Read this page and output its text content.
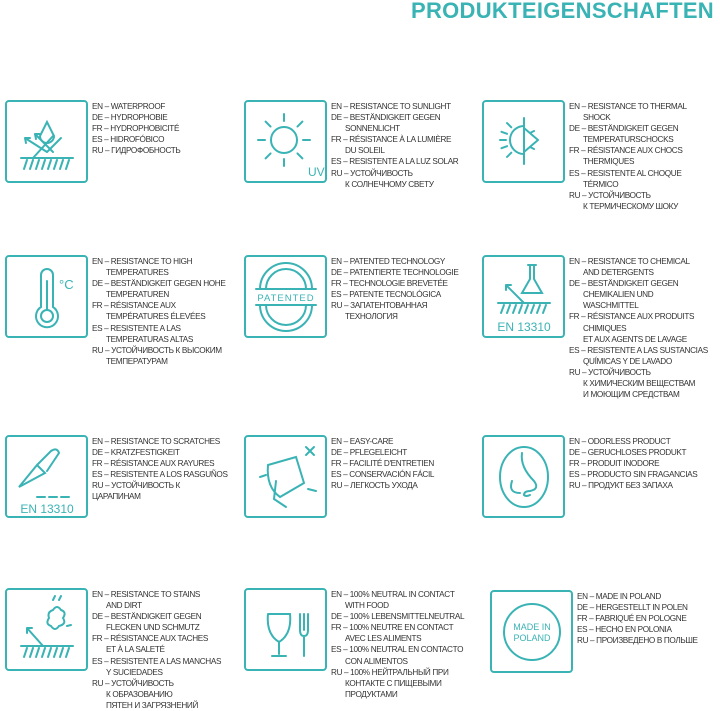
PRODUKTEIGENSCHAFTEN
EN – WATERPROOF
DE – HYDROPHOBIE
FR – HYDROPHOBICITÉ
ES – HIDROFÓBICO
RU – ГИДРОФОБНОСТЬ
UV
EN – RESISTANCE TO SUNLIGHT
DE – BESTÄNDIGKEIT GEGEN
SONNENLICHT
FR – RÉSISTANCE À LA LUMIÈRE
DU SOLEIL
ES – RESISTENTE A LA LUZ SOLAR
RU – УСТОЙЧИВОСТЬ
К СОЛНЕЧНОМУ СВЕТУ
EN – RESISTANCE TO THERMAL
SHOCK
DE – BESTÄNDIGKEIT GEGEN
TEMPERATURSCHOCKS
FR – RÉSISTANCE AUX CHOCS
THERMIQUES
ES – RESISTENTE AL CHOQUE
TÉRMICO
RU – УСТОЙЧИВОСТЬ
К ТЕРМИЧЕСКОМУ ШОКУ
°C
EN – RESISTANCE TO HIGH
TEMPERATURES
DE – BESTÄNDIGKEIT GEGEN HOHE
TEMPERATUREN
FR – RÉSISTANCE AUX
TEMPÉRATURES ÉLEVÉES
ES – RESISTENTE A LAS
TEMPERATURAS ALTAS
RU – УСТОЙЧИВОСТЬ К ВЫСОКИМ
ТЕМПЕРАТУРАМ
PATENTED
EN – PATENTED TECHNOLOGY
DE – PATENTIERTE TECHNOLOGIE
FR – TECHNOLOGIE BREVETÉE
ES – PATENTE TECNOLÓGICA
RU – ЗАПАТЕНТОВАННАЯ
ТЕХНОЛОГИЯ
EN 13310
EN – RESISTANCE TO CHEMICAL
AND DETERGENTS
DE – BESTÄNDIGKEIT GEGEN
CHEMIKALIEN UND
WASCHMITTEL
FR – RÉSISTANCE AUX PRODUITS
CHIMIQUES
ET AUX AGENTS DE LAVAGE
ES – RESISTENTE A LAS SUSTANCIAS
QUÍMICAS Y DE LAVADO
RU – УСТОЙЧИВОСТЬ
К ХИМИЧЕСКИМ ВЕЩЕСТВАМ
И МОЮЩИМ СРЕДСТВАМ
EN 13310
EN – RESISTANCE TO SCRATCHES
DE – KRATZFESTIGKEIT
FR – RÉSISTANCE AUX RAYURES
ES – RESISTENTE A LOS RASGUÑOS
RU – УСТОЙЧИВОСТЬ К
ЦАРАПИНАМ
EN – EASY-CARE
DE – PFLEGELEICHT
FR – FACILITÉ D'ENTRETIEN
ES – CONSERVACIÓN FÁCIL
RU – ЛЕГКОСТЬ УХОДА
EN – ODORLESS PRODUCT
DE – GERUCHLOSES PRODUKT
FR – PRODUIT INODORE
ES – PRODUCTO SIN FRAGANCIAS
RU – ПРОДУКТ БЕЗ ЗАПАХА
EN – RESISTANCE TO STAINS
AND DIRT
DE – BESTÄNDIGKEIT GEGEN
FLECKEN UND SCHMUTZ
FR – RÉSISTANCE AUX TACHES
ET À LA SALETÉ
ES – RESISTENTE A LAS MANCHAS
Y SUCIEDADES
RU – УСТОЙЧИВОСТЬ
К ОБРАЗОВАНИЮ
ПЯТЕН И ЗАГРЯЗНЕНИЙ
EN – 100% NEUTRAL IN CONTACT
WITH FOOD
DE – 100% LEBENSMITTELNEUTRAL
FR – 100% NEUTRE EN CONTACT
AVEC LES ALIMENTS
ES – 100% NEUTRAL EN CONTACTO
CON ALIMENTOS
RU – 100% НЕЙТРАЛЬНЫЙ ПРИ
КОНТАКТЕ С ПИЩЕВЫМИ
ПРОДУКТАМИ
MADE IN
POLAND
EN – MADE IN POLAND
DE – HERGESTELLT IN POLEN
FR – FABRIQUÉ EN POLOGNE
ES – HECHO EN POLONIA
RU – ПРОИЗВЕДЕНО В ПОЛЬШЕ
